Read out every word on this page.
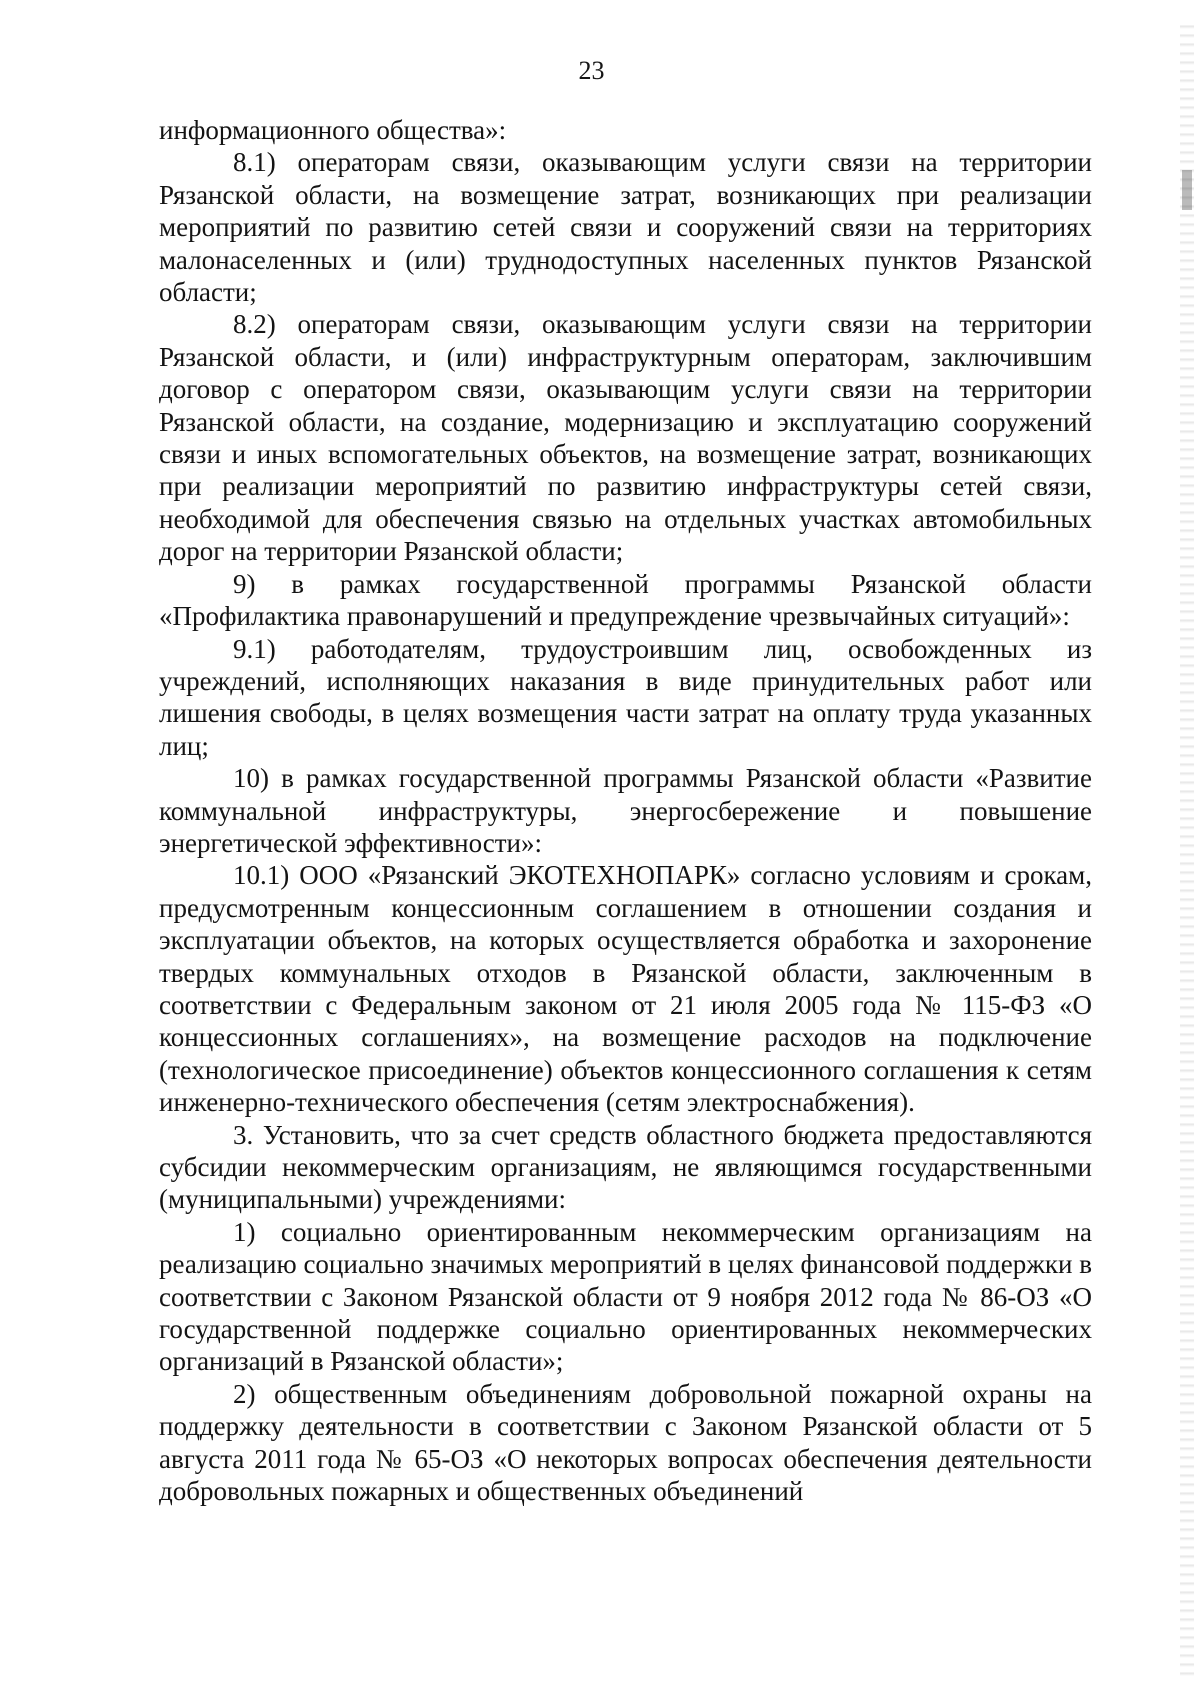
23

информационного общества»:

8.1) операторам связи, оказывающим услуги связи на территории Рязанской области, на возмещение затрат, возникающих при реализации мероприятий по развитию сетей связи и сооружений связи на территориях малонаселенных и (или) труднодоступных населенных пунктов Рязанской области;

8.2) операторам связи, оказывающим услуги связи на территории Рязанской области, и (или) инфраструктурным операторам, заключившим договор с оператором связи, оказывающим услуги связи на территории Рязанской области, на создание, модернизацию и эксплуатацию сооружений связи и иных вспомогательных объектов, на возмещение затрат, возникающих при реализации мероприятий по развитию инфраструктуры сетей связи, необходимой для обеспечения связью на отдельных участках автомобильных дорог на территории Рязанской области;

9) в рамках государственной программы Рязанской области «Профилактика правонарушений и предупреждение чрезвычайных ситуаций»:

9.1) работодателям, трудоустроившим лиц, освобожденных из учреждений, исполняющих наказания в виде принудительных работ или лишения свободы, в целях возмещения части затрат на оплату труда указанных лиц;

10) в рамках государственной программы Рязанской области «Развитие коммунальной инфраструктуры, энергосбережение и повышение энергетической эффективности»:

10.1) ООО «Рязанский ЭКОТЕХНОПАРК» согласно условиям и срокам, предусмотренным концессионным соглашением в отношении создания и эксплуатации объектов, на которых осуществляется обработка и захоронение твердых коммунальных отходов в Рязанской области, заключенным в соответствии с Федеральным законом от 21 июля 2005 года № 115-ФЗ «О концессионных соглашениях», на возмещение расходов на подключение (технологическое присоединение) объектов концессионного соглашения к сетям инженерно-технического обеспечения (сетям электроснабжения).

3. Установить, что за счет средств областного бюджета предоставляются субсидии некоммерческим организациям, не являющимся государственными (муниципальными) учреждениями:

1) социально ориентированным некоммерческим организациям на реализацию социально значимых мероприятий в целях финансовой поддержки в соответствии с Законом Рязанской области от 9 ноября 2012 года № 86-ОЗ «О государственной поддержке социально ориентированных некоммерческих организаций в Рязанской области»;

2) общественным объединениям добровольной пожарной охраны на поддержку деятельности в соответствии с Законом Рязанской области от 5 августа 2011 года № 65-ОЗ «О некоторых вопросах обеспечения деятельности добровольных пожарных и общественных объединений
